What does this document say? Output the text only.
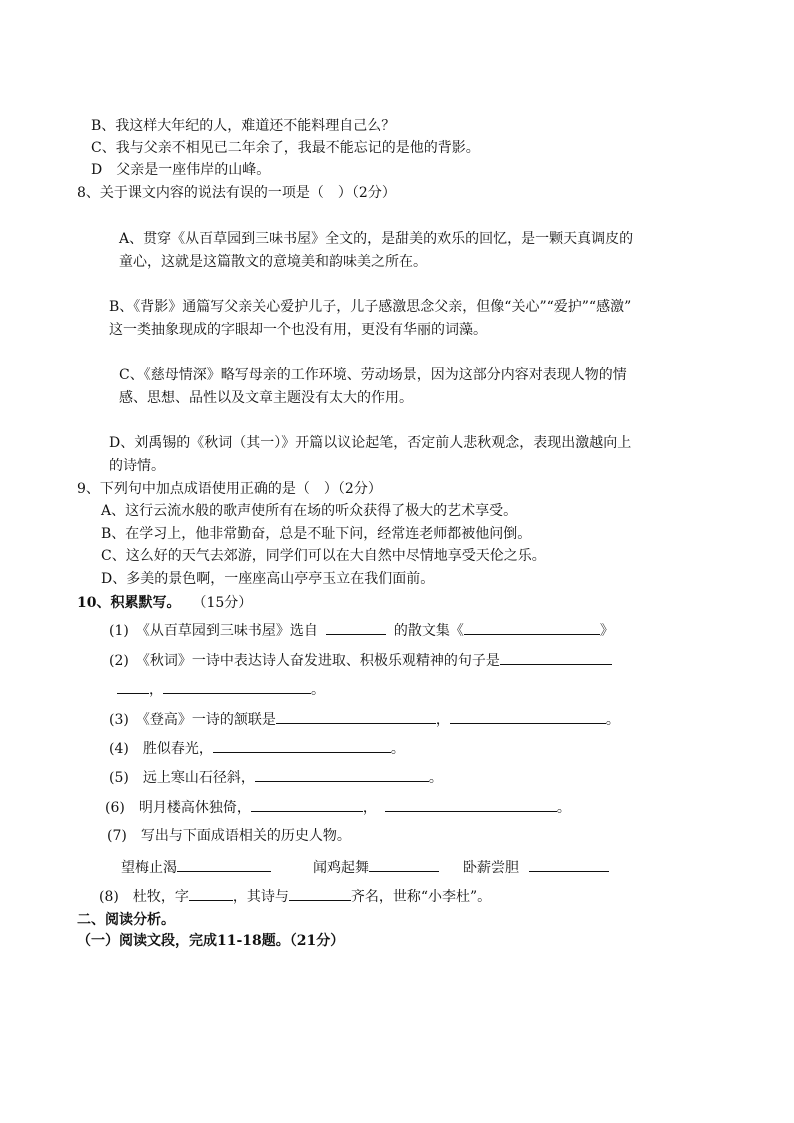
B、我这样大年纪的人，难道还不能料理自己么？
C、我与父亲不相见已二年余了，我最不能忘记的是他的背影。
D　父亲是一座伟岸的山峰。
8、关于课文内容的说法有误的一项是（　）（2分）
A、贯穿《从百草园到三味书屋》全文的，是甜美的欢乐的回忆，是一颗天真调皮的
童心，这就是这篇散文的意境美和韵味美之所在。
B、《背影》通篇写父亲关心爱护儿子，儿子感激思念父亲，但像“关心”“爱护”“感激”
这一类抽象现成的字眼却一个也没有用，更没有华丽的词藻。
C、《慈母情深》略写母亲的工作环境、劳动场景，因为这部分内容对表现人物的情
感、思想、品性以及文章主题没有太大的作用。
D、刘禹锡的《秋词（其一）》开篇以议论起笔，否定前人悲秋观念，表现出激越向上
的诗情。
9、下列句中加点成语使用正确的是（　）（2分）
A、这行云流水般的歌声使所有在场的听众获得了极大的艺术享受。
B、在学习上，他非常勤奋，总是不耻下问，经常连老师都被他问倒。
C、这么好的天气去郊游，同学们可以在大自然中尽情地享受天伦之乐。
D、多美的景色啊，一座座高山亭亭玉立在我们面前。
10、积累默写。 （15分）
(1)　《从百草园到三味书屋》选自	的散文集《	》
(2)　《秋词》一诗中表达诗人奋发进取、积极乐观精神的句子是
，	。
(3)　《登高》一诗的颔联是	，	。
(4)　胜似春光，	。
(5)　远上寒山石径斜，	。
(6)　明月楼高休独倚，	，	。
(7)　写出与下面成语相关的历史人物。
望梅止渴	闻鸡起舞	卧薪尝胆
(8)　杜牧，字	，其诗与	齐名，世称“小李杜”。
二、阅读分析。
（一）阅读文段，完成11-18题。（21分）
